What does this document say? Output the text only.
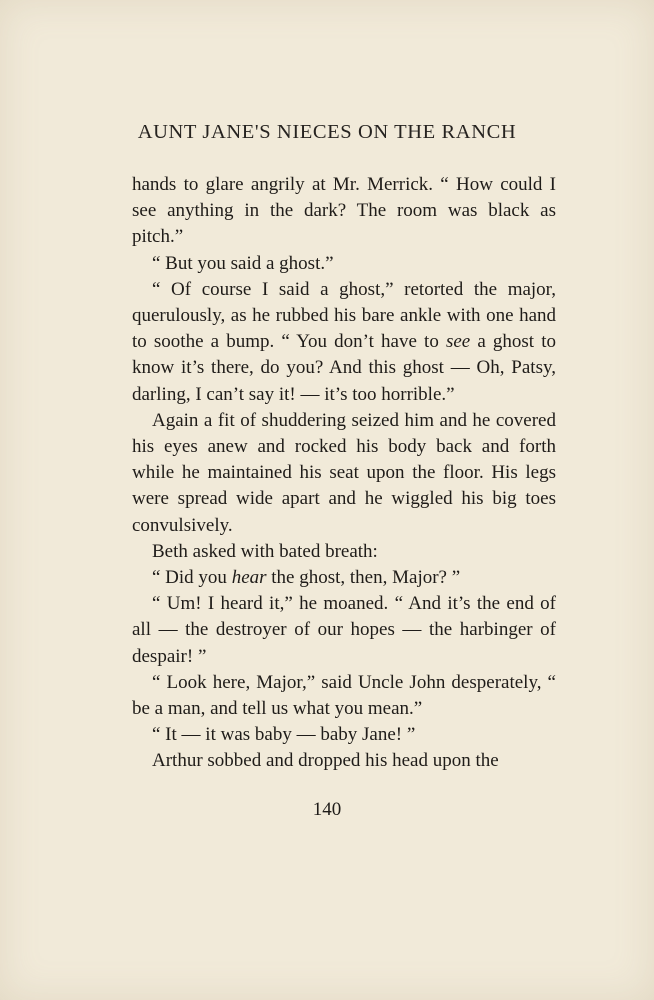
AUNT JANE'S NIECES ON THE RANCH

hands to glare angrily at Mr. Merrick. “ How could I see anything in the dark? The room was black as pitch.”

“ But you said a ghost.”

“ Of course I said a ghost,” retorted the major, querulously, as he rubbed his bare ankle with one hand to soothe a bump. “ You don’t have to see a ghost to know it’s there, do you? And this ghost — Oh, Patsy, darling, I can’t say it! — it’s too horrible.”

Again a fit of shuddering seized him and he covered his eyes anew and rocked his body back and forth while he maintained his seat upon the floor. His legs were spread wide apart and he wiggled his big toes convulsively.

Beth asked with bated breath:

“ Did you hear the ghost, then, Major? ”

“ Um! I heard it,” he moaned. “ And it’s the end of all — the destroyer of our hopes — the harbinger of despair! ”

“ Look here, Major,” said Uncle John desperately, “ be a man, and tell us what you mean.”

“ It — it was baby — baby Jane! ”

Arthur sobbed and dropped his head upon the

140
